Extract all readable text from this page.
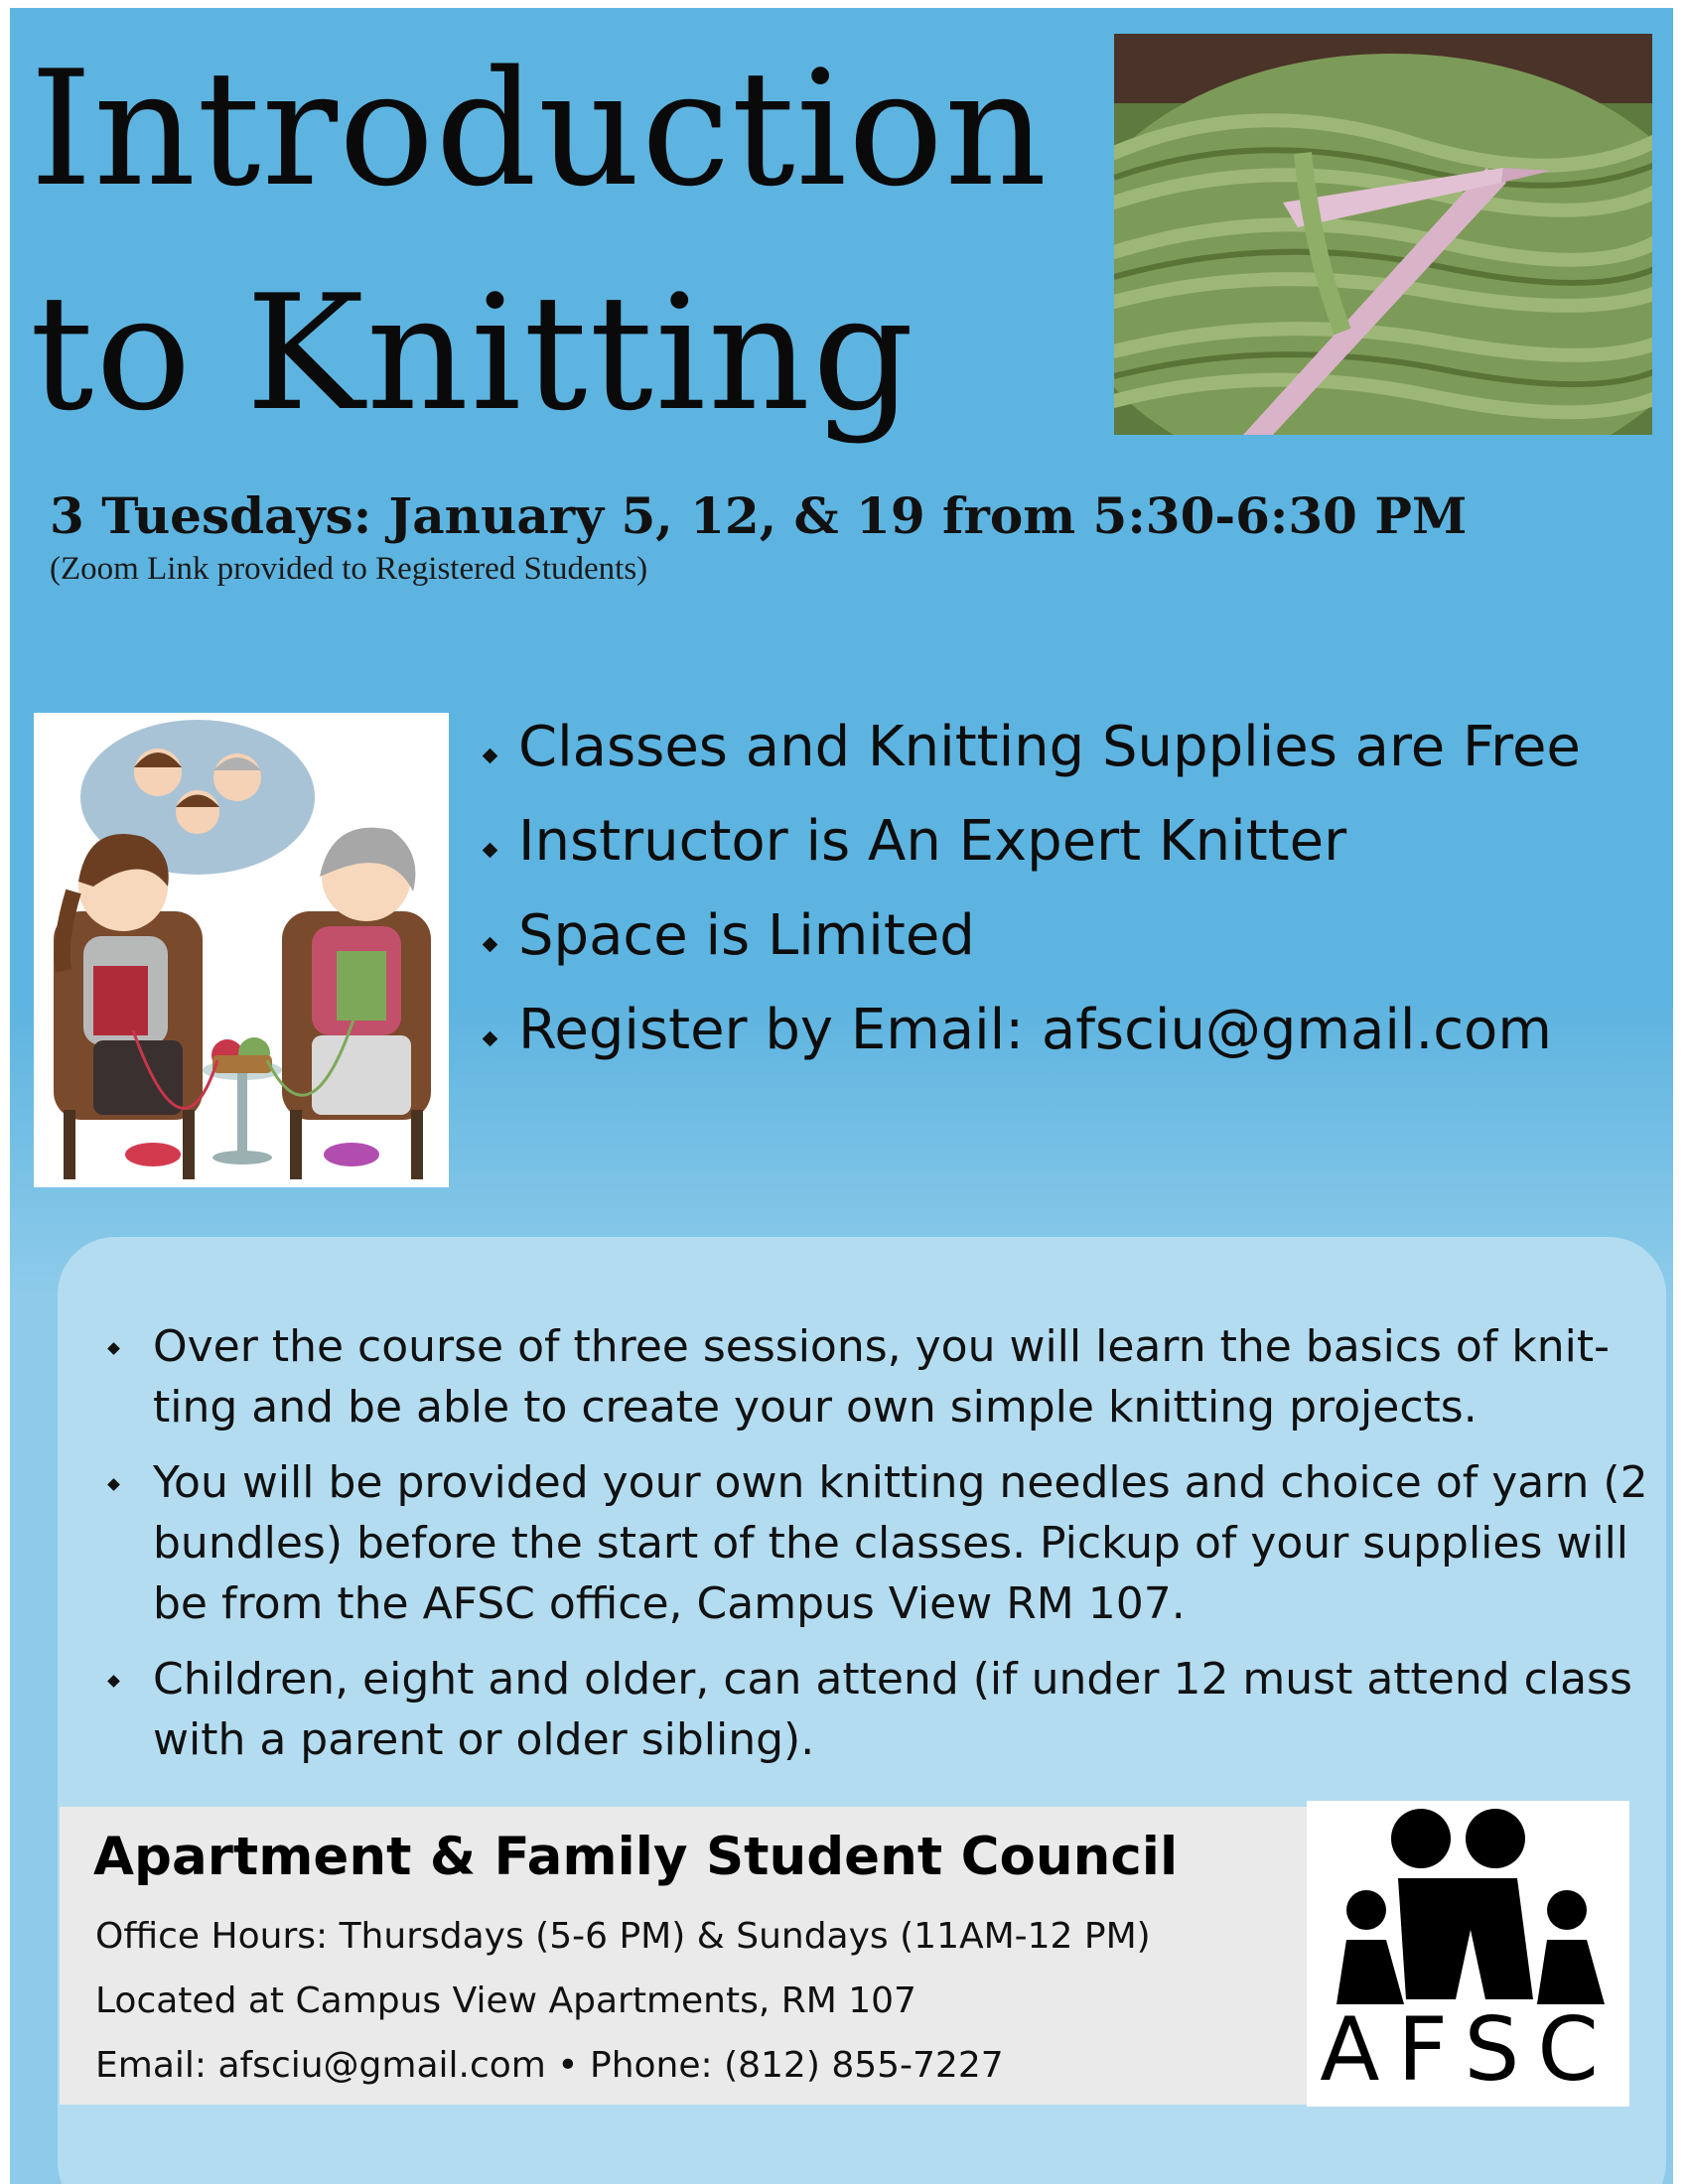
Introduction
to Knitting

3 Tuesdays: January 5, 12, & 19 from 5:30-6:30 PM

(Zoom Link provided to Registered Students)
Classes and Knitting Supplies are Free
Instructor is An Expert Knitter
Space is Limited
Register by Email: afsciu@gmail.com
Over the course of three sessions, you will learn the basics of knit-ting and be able to create your own simple knitting projects.
You will be provided your own knitting needles and choice of yarn (2 bundles) before the start of the classes. Pickup of your supplies will be from the AFSC office, Campus View RM 107.
Children, eight and older, can attend (if under 12 must attend class with a parent or older sibling).
Apartment & Family Student Council
Office Hours: Thursdays (5-6 PM) & Sundays (11AM-12 PM)
Located at Campus View Apartments, RM 107
Email: afsciu@gmail.com • Phone: (812) 855-7227	AFSC
